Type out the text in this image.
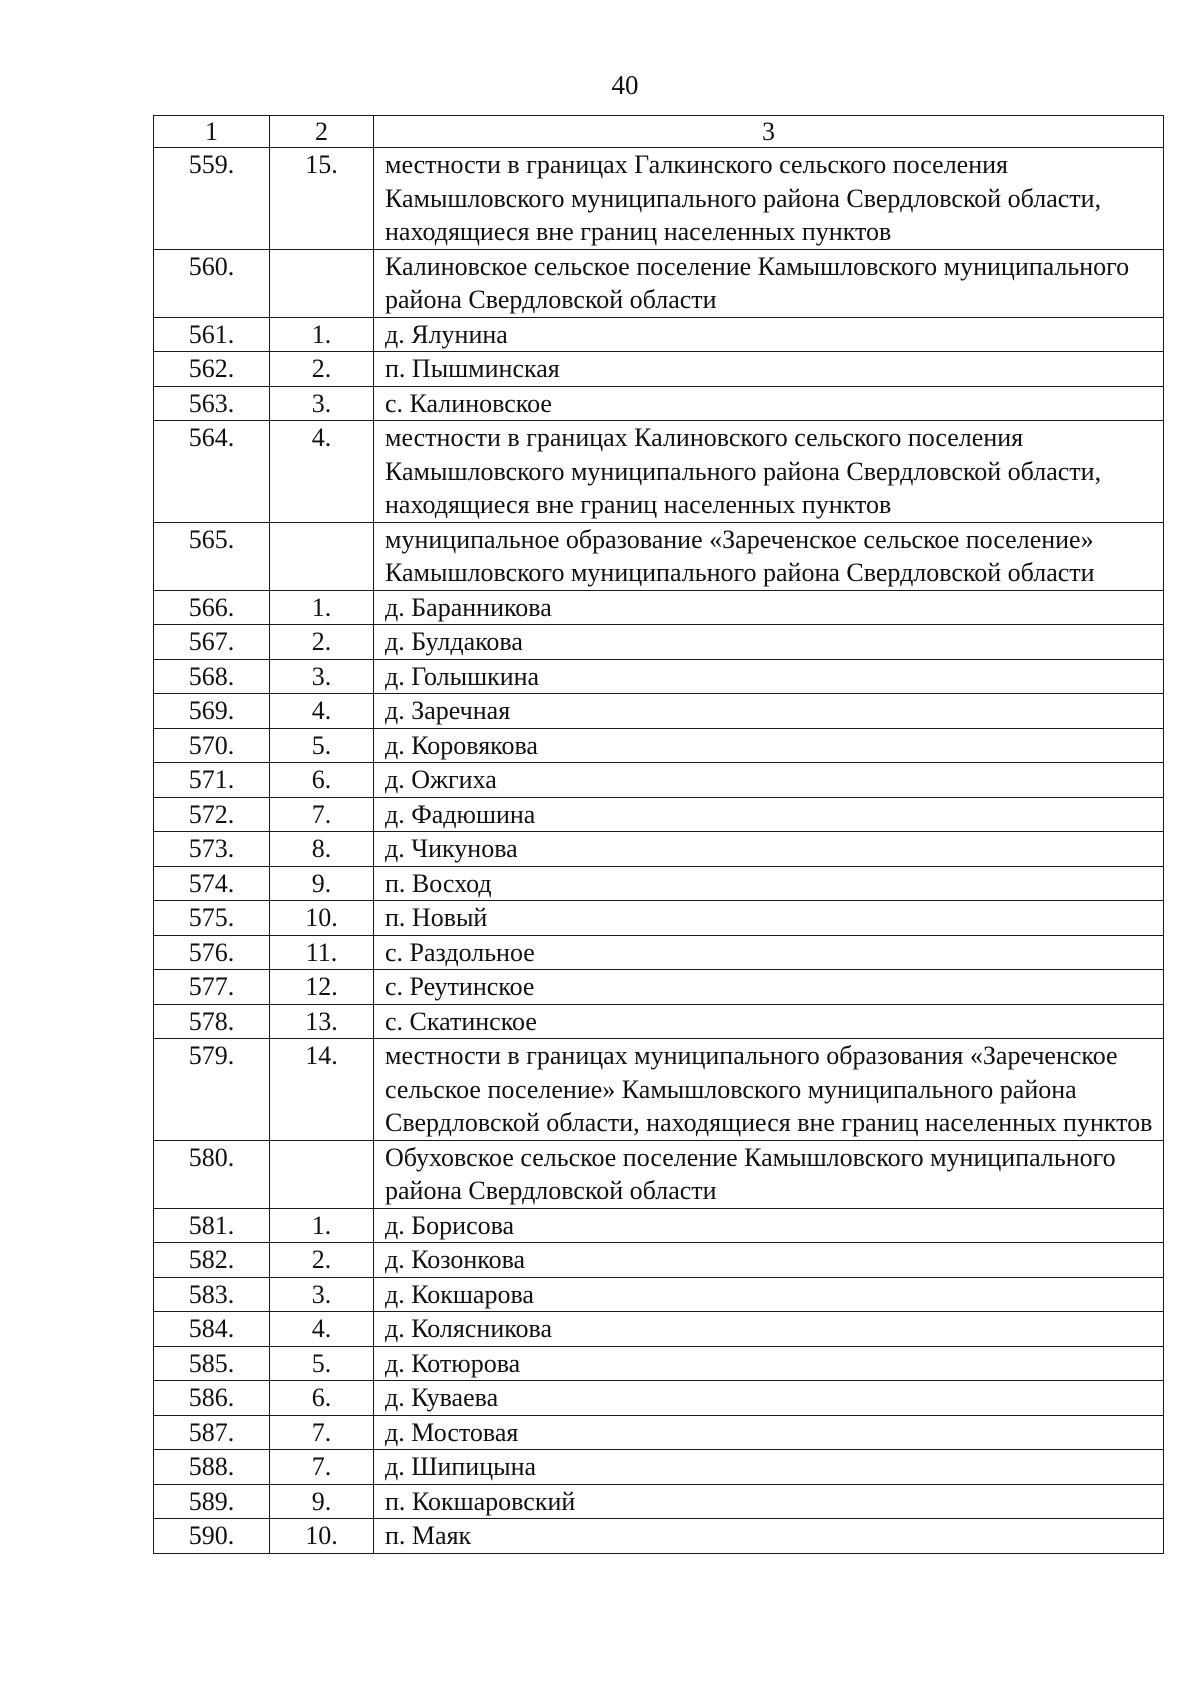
40
1	2	3
559.	15.	местности в границах Галкинского сельского поселения Камышловского муниципального района Свердловской области, находящиеся вне границ населенных пунктов
560.		Калиновское сельское поселение Камышловского муниципального района Свердловской области
561.	1.	д. Ялунина
562.	2.	п. Пышминская
563.	3.	с. Калиновское
564.	4.	местности в границах Калиновского сельского поселения Камышловского муниципального района Свердловской области, находящиеся вне границ населенных пунктов
565.		муниципальное образование «Зареченское сельское поселение» Камышловского муниципального района Свердловской области
566.	1.	д. Баранникова
567.	2.	д. Булдакова
568.	3.	д. Голышкина
569.	4.	д. Заречная
570.	5.	д. Коровякова
571.	6.	д. Ожгиха
572.	7.	д. Фадюшина
573.	8.	д. Чикунова
574.	9.	п. Восход
575.	10.	п. Новый
576.	11.	с. Раздольное
577.	12.	с. Реутинское
578.	13.	с. Скатинское
579.	14.	местности в границах муниципального образования «Зареченское сельское поселение» Камышловского муниципального района Свердловской области, находящиеся вне границ населенных пунктов
580.		Обуховское сельское поселение Камышловского муниципального района Свердловской области
581.	1.	д. Борисова
582.	2.	д. Козонкова
583.	3.	д. Кокшарова
584.	4.	д. Колясникова
585.	5.	д. Котюрова
586.	6.	д. Куваева
587.	7.	д. Мостовая
588.	7.	д. Шипицына
589.	9.	п. Кокшаровский
590.	10.	п. Маяк
